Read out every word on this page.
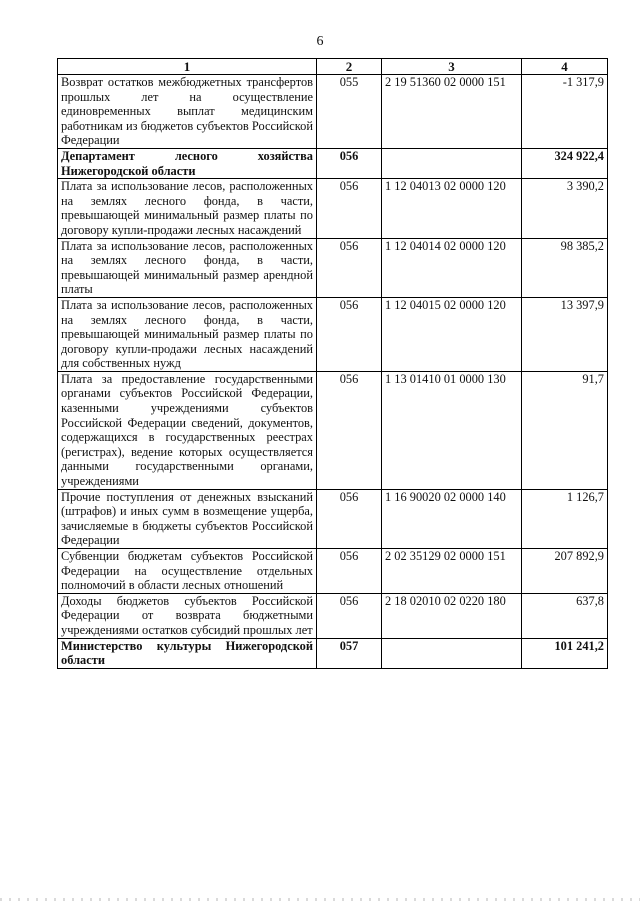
6
1	2	3	4
Возврат остатков межбюджетных трансфертов прошлых лет на осуществление единовременных выплат медицинским работникам из бюджетов субъектов Российской Федерации	055	2 19 51360 02 0000 151	-1 317,9
Департамент лесного хозяйства Нижегородской области	056		324 922,4
Плата за использование лесов, расположенных на землях лесного фонда, в части, превышающей минимальный размер платы по договору купли-продажи лесных насаждений	056	1 12 04013 02 0000 120	3 390,2
Плата за использование лесов, расположенных на землях лесного фонда, в части, превышающей минимальный размер арендной платы	056	1 12 04014 02 0000 120	98 385,2
Плата за использование лесов, расположенных на землях лесного фонда, в части, превышающей минимальный размер платы по договору купли-продажи лесных насаждений для собственных нужд	056	1 12 04015 02 0000 120	13 397,9
Плата за предоставление государственными органами субъектов Российской Федерации, казенными учреждениями субъектов Российской Федерации сведений, документов, содержащихся в государственных реестрах (регистрах), ведение которых осуществляется данными государственными органами, учреждениями	056	1 13 01410 01 0000 130	91,7
Прочие поступления от денежных взысканий (штрафов) и иных сумм в возмещение ущерба, зачисляемые в бюджеты субъектов Российской Федерации	056	1 16 90020 02 0000 140	1 126,7
Субвенции бюджетам субъектов Российской Федерации на осуществление отдельных полномочий в области лесных отношений	056	2 02 35129 02 0000 151	207 892,9
Доходы бюджетов субъектов Российской Федерации от возврата бюджетными учреждениями остатков субсидий прошлых лет	056	2 18 02010 02 0220 180	637,8
Министерство культуры Нижегородской области	057		101 241,2
